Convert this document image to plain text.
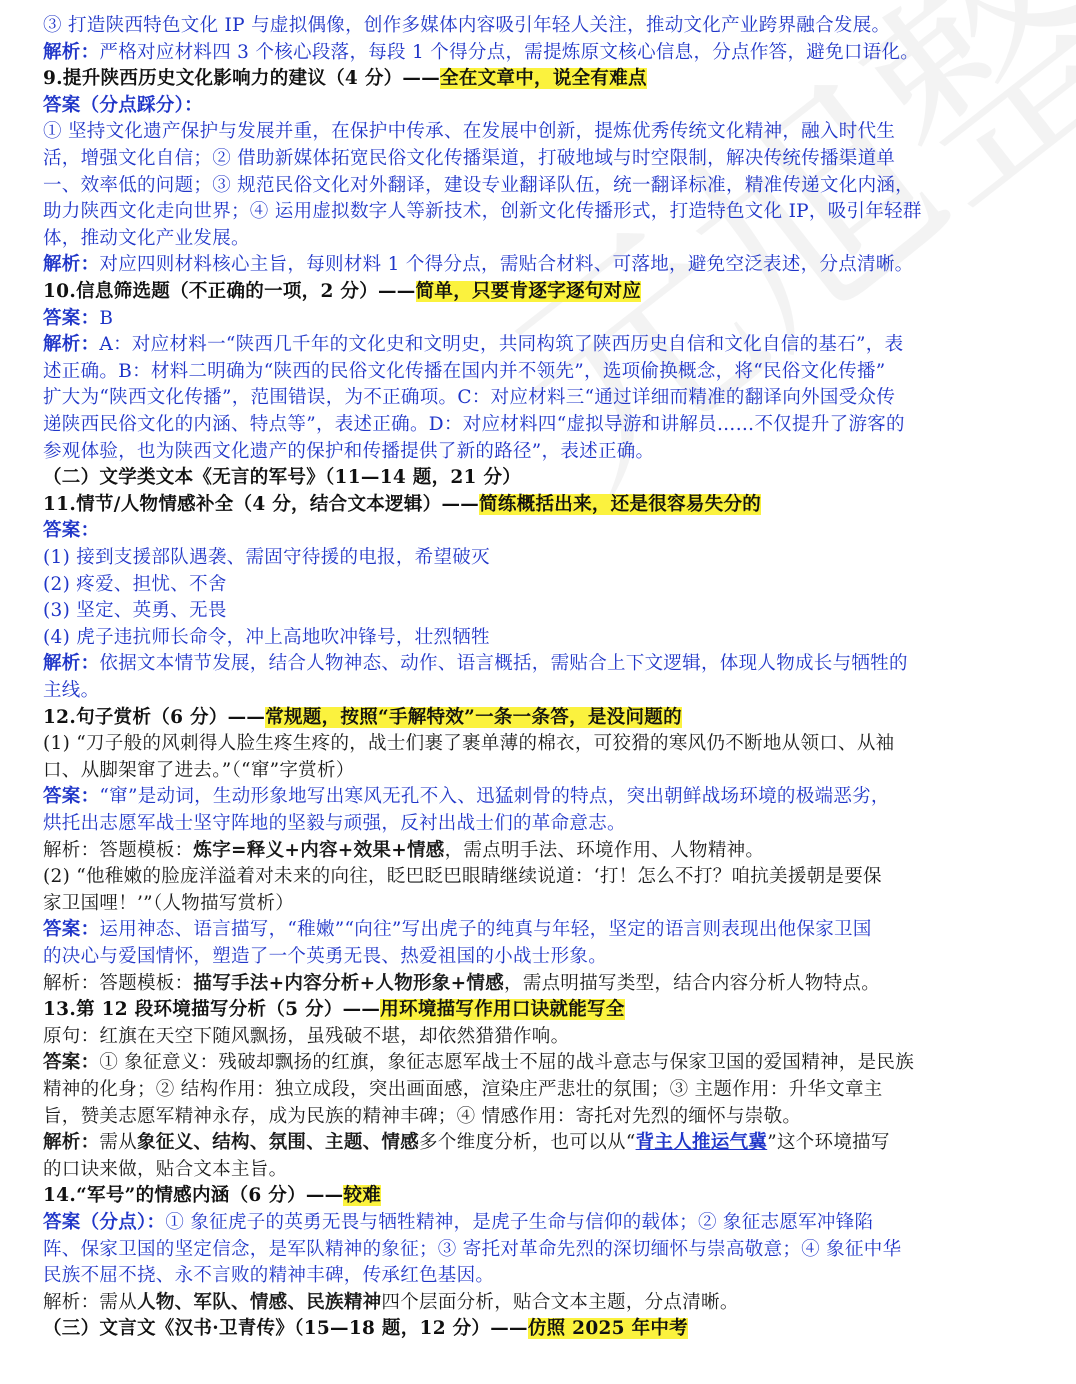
③ 打造陕西特色文化 IP 与虚拟偶像，创作多媒体内容吸引年轻人关注，推动文化产业跨界融合发展。
解析：严格对应材料四 3 个核心段落，每段 1 个得分点，需提炼原文核心信息，分点作答，避免口语化。
9.提升陕西历史文化影响力的建议（4 分）——全在文章中，说全有难点
答案（分点踩分）：
① 坚持文化遗产保护与发展并重，在保护中传承、在发展中创新，提炼优秀传统文化精神，融入时代生
活，增强文化自信；② 借助新媒体拓宽民俗文化传播渠道，打破地域与时空限制，解决传统传播渠道单
一、效率低的问题；③ 规范民俗文化对外翻译，建设专业翻译队伍，统一翻译标准，精准传递文化内涵，
助力陕西文化走向世界；④ 运用虚拟数字人等新技术，创新文化传播形式，打造特色文化 IP，吸引年轻群
体，推动文化产业发展。
解析：对应四则材料核心主旨，每则材料 1 个得分点，需贴合材料、可落地，避免空泛表述，分点清晰。
10.信息筛选题（不正确的一项，2 分）——简单，只要肯逐字逐句对应
答案：B
解析：A：对应材料一“陕西几千年的文化史和文明史，共同构筑了陕西历史自信和文化自信的基石”，表
述正确。B：材料二明确为“陕西的民俗文化传播在国内并不领先”，选项偷换概念，将“民俗文化传播”
扩大为“陕西文化传播”，范围错误，为不正确项。C：对应材料三“通过详细而精准的翻译向外国受众传
递陕西民俗文化的内涵、特点等”，表述正确。D：对应材料四“虚拟导游和讲解员……不仅提升了游客的
参观体验，也为陕西文化遗产的保护和传播提供了新的路径”，表述正确。
（二）文学类文本《无言的军号》（11—14 题，21 分）
11.情节/人物情感补全（4 分，结合文本逻辑）——简练概括出来，还是很容易失分的
答案：
(1) 接到支援部队遇袭、需固守待援的电报，希望破灭
(2) 疼爱、担忧、不舍
(3) 坚定、英勇、无畏
(4) 虎子违抗师长命令，冲上高地吹冲锋号，壮烈牺牲
解析：依据文本情节发展，结合人物神态、动作、语言概括，需贴合上下文逻辑，体现人物成长与牺牲的
主线。
12.句子赏析（6 分）——常规题，按照“手解特效”一条一条答，是没问题的
(1) “刀子般的风刺得人脸生疼生疼的，战士们裹了裹单薄的棉衣，可狡猾的寒风仍不断地从领口、从袖
口、从脚架窜了进去。”（“窜”字赏析）
答案：“窜”是动词，生动形象地写出寒风无孔不入、迅猛刺骨的特点，突出朝鲜战场环境的极端恶劣，
烘托出志愿军战士坚守阵地的坚毅与顽强，反衬出战士们的革命意志。
解析：答题模板：炼字=释义+内容+效果+情感，需点明手法、环境作用、人物精神。
(2) “他稚嫩的脸庞洋溢着对未来的向往，眨巴眨巴眼睛继续说道：‘打！怎么不打？咱抗美援朝是要保
家卫国哩！’”（人物描写赏析）
答案：运用神态、语言描写，“稚嫩”“向往”写出虎子的纯真与年轻，坚定的语言则表现出他保家卫国
的决心与爱国情怀，塑造了一个英勇无畏、热爱祖国的小战士形象。
解析：答题模板：描写手法+内容分析+人物形象+情感，需点明描写类型，结合内容分析人物特点。
13.第 12 段环境描写分析（5 分）——用环境描写作用口诀就能写全
原句：红旗在天空下随风飘扬，虽残破不堪，却依然猎猎作响。
答案：① 象征意义：残破却飘扬的红旗，象征志愿军战士不屈的战斗意志与保家卫国的爱国精神，是民族
精神的化身；② 结构作用：独立成段，突出画面感，渲染庄严悲壮的氛围；③ 主题作用：升华文章主
旨，赞美志愿军精神永存，成为民族的精神丰碑；④ 情感作用：寄托对先烈的缅怀与崇敬。
解析：需从象征义、结构、氛围、主题、情感多个维度分析，也可以从“背主人推运气冀”这个环境描写
的口诀来做，贴合文本主旨。
14.“军号”的情感内涵（6 分）——较难
答案（分点）：① 象征虎子的英勇无畏与牺牲精神，是虎子生命与信仰的载体；② 象征志愿军冲锋陷
阵、保家卫国的坚定信念，是军队精神的象征；③ 寄托对革命先烈的深切缅怀与崇高敬意；④ 象征中华
民族不屈不挠、永不言败的精神丰碑，传承红色基因。
解析：需从人物、军队、情感、民族精神四个层面分析，贴合文本主题，分点清晰。
（三）文言文《汉书·卫青传》（15—18 题，12 分）——仿照 2025 年中考
